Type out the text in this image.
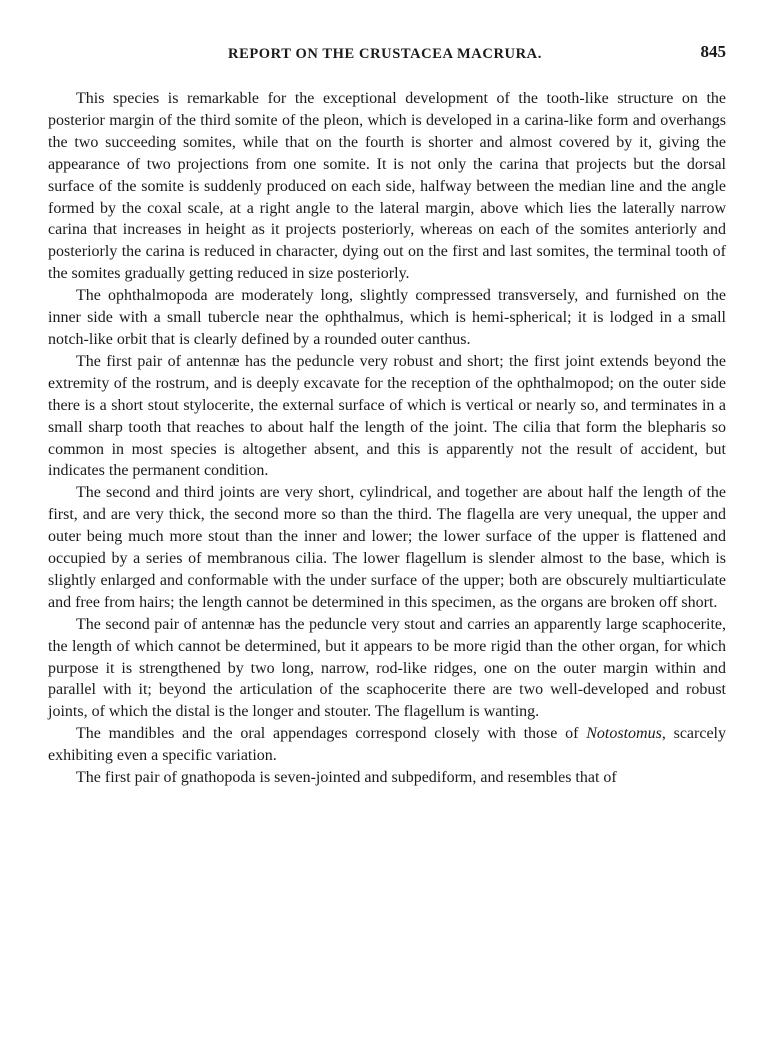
REPORT ON THE CRUSTACEA MACRURA.	845

This species is remarkable for the exceptional development of the tooth-like structure on the posterior margin of the third somite of the pleon, which is developed in a carina-like form and overhangs the two succeeding somites, while that on the fourth is shorter and almost covered by it, giving the appearance of two projections from one somite. It is not only the carina that projects but the dorsal surface of the somite is suddenly produced on each side, halfway between the median line and the angle formed by the coxal scale, at a right angle to the lateral margin, above which lies the laterally narrow carina that increases in height as it projects posteriorly, whereas on each of the somites anteriorly and posteriorly the carina is reduced in character, dying out on the first and last somites, the terminal tooth of the somites gradually getting reduced in size posteriorly.

The ophthalmopoda are moderately long, slightly compressed transversely, and furnished on the inner side with a small tubercle near the ophthalmus, which is hemi-spherical; it is lodged in a small notch-like orbit that is clearly defined by a rounded outer canthus.

The first pair of antennæ has the peduncle very robust and short; the first joint extends beyond the extremity of the rostrum, and is deeply excavate for the reception of the ophthalmopod; on the outer side there is a short stout stylocerite, the external surface of which is vertical or nearly so, and terminates in a small sharp tooth that reaches to about half the length of the joint. The cilia that form the blepharis so common in most species is altogether absent, and this is apparently not the result of accident, but indicates the permanent condition.

The second and third joints are very short, cylindrical, and together are about half the length of the first, and are very thick, the second more so than the third. The flagella are very unequal, the upper and outer being much more stout than the inner and lower; the lower surface of the upper is flattened and occupied by a series of membranous cilia. The lower flagellum is slender almost to the base, which is slightly enlarged and conformable with the under surface of the upper; both are obscurely multiarticulate and free from hairs; the length cannot be determined in this specimen, as the organs are broken off short.

The second pair of antennæ has the peduncle very stout and carries an apparently large scaphocerite, the length of which cannot be determined, but it appears to be more rigid than the other organ, for which purpose it is strengthened by two long, narrow, rod-like ridges, one on the outer margin within and parallel with it; beyond the articulation of the scaphocerite there are two well-developed and robust joints, of which the distal is the longer and stouter. The flagellum is wanting.

The mandibles and the oral appendages correspond closely with those of Notostomus, scarcely exhibiting even a specific variation.

The first pair of gnathopoda is seven-jointed and subpediform, and resembles that of
